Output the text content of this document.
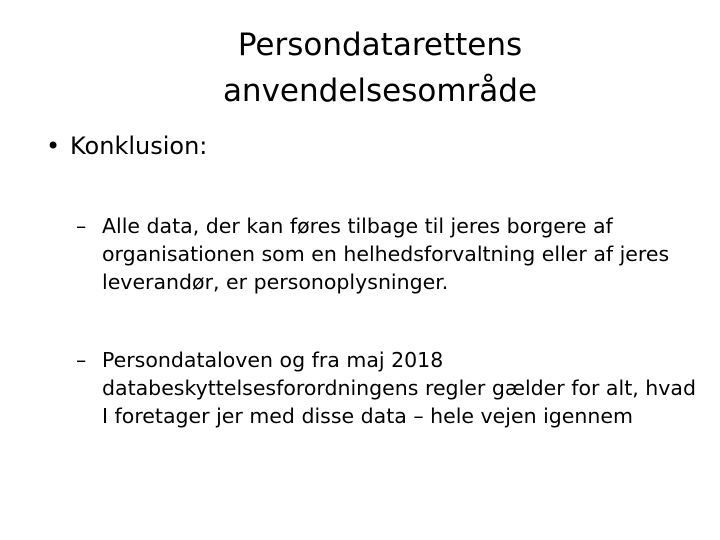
Persondatarettens
anvendelsesområde
• Konklusion:
– Alle data, der kan føres tilbage til jeres borgere af organisationen som en helhedsforvaltning eller af jeres leverandør, er personoplysninger.
– Persondataloven og fra maj 2018 databeskyttelsesforordningens regler gælder for alt, hvad I foretager jer med disse data – hele vejen igennem
